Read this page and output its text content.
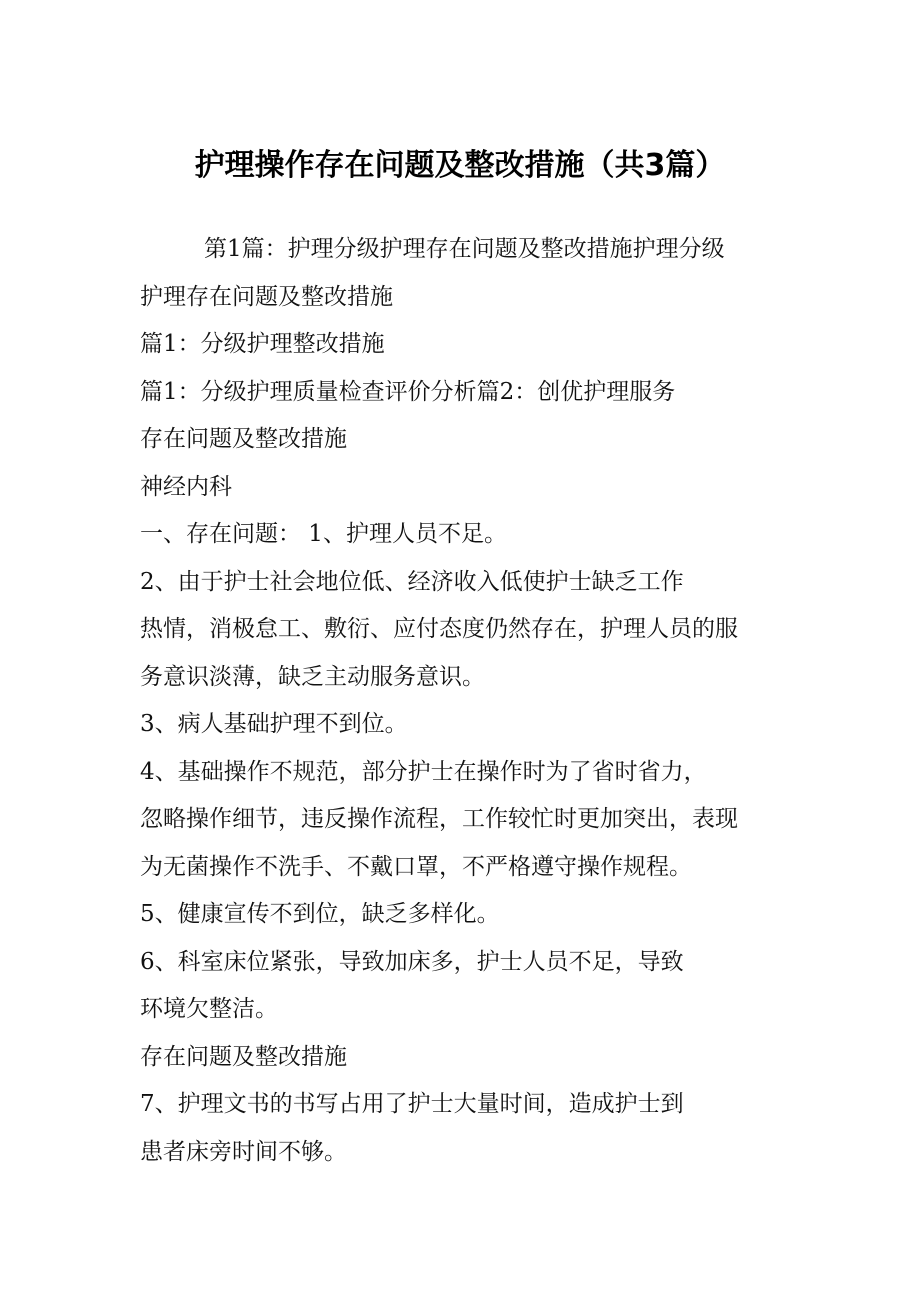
护理操作存在问题及整改措施（共3篇）
第1篇：护理分级护理存在问题及整改措施护理分级
护理存在问题及整改措施
篇1：分级护理整改措施
篇1：分级护理质量检查评价分析篇2：创优护理服务
存在问题及整改措施
神经内科
一、存在问题： 1、护理人员不足。
2、由于护士社会地位低、经济收入低使护士缺乏工作
热情，消极怠工、敷衍、应付态度仍然存在，护理人员的服
务意识淡薄，缺乏主动服务意识。
3、病人基础护理不到位。
4、基础操作不规范，部分护士在操作时为了省时省力，
忽略操作细节，违反操作流程，工作较忙时更加突出，表现
为无菌操作不洗手、不戴口罩，不严格遵守操作规程。
5、健康宣传不到位，缺乏多样化。
6、科室床位紧张，导致加床多，护士人员不足，导致
环境欠整洁。
存在问题及整改措施
7、护理文书的书写占用了护士大量时间，造成护士到
患者床旁时间不够。
